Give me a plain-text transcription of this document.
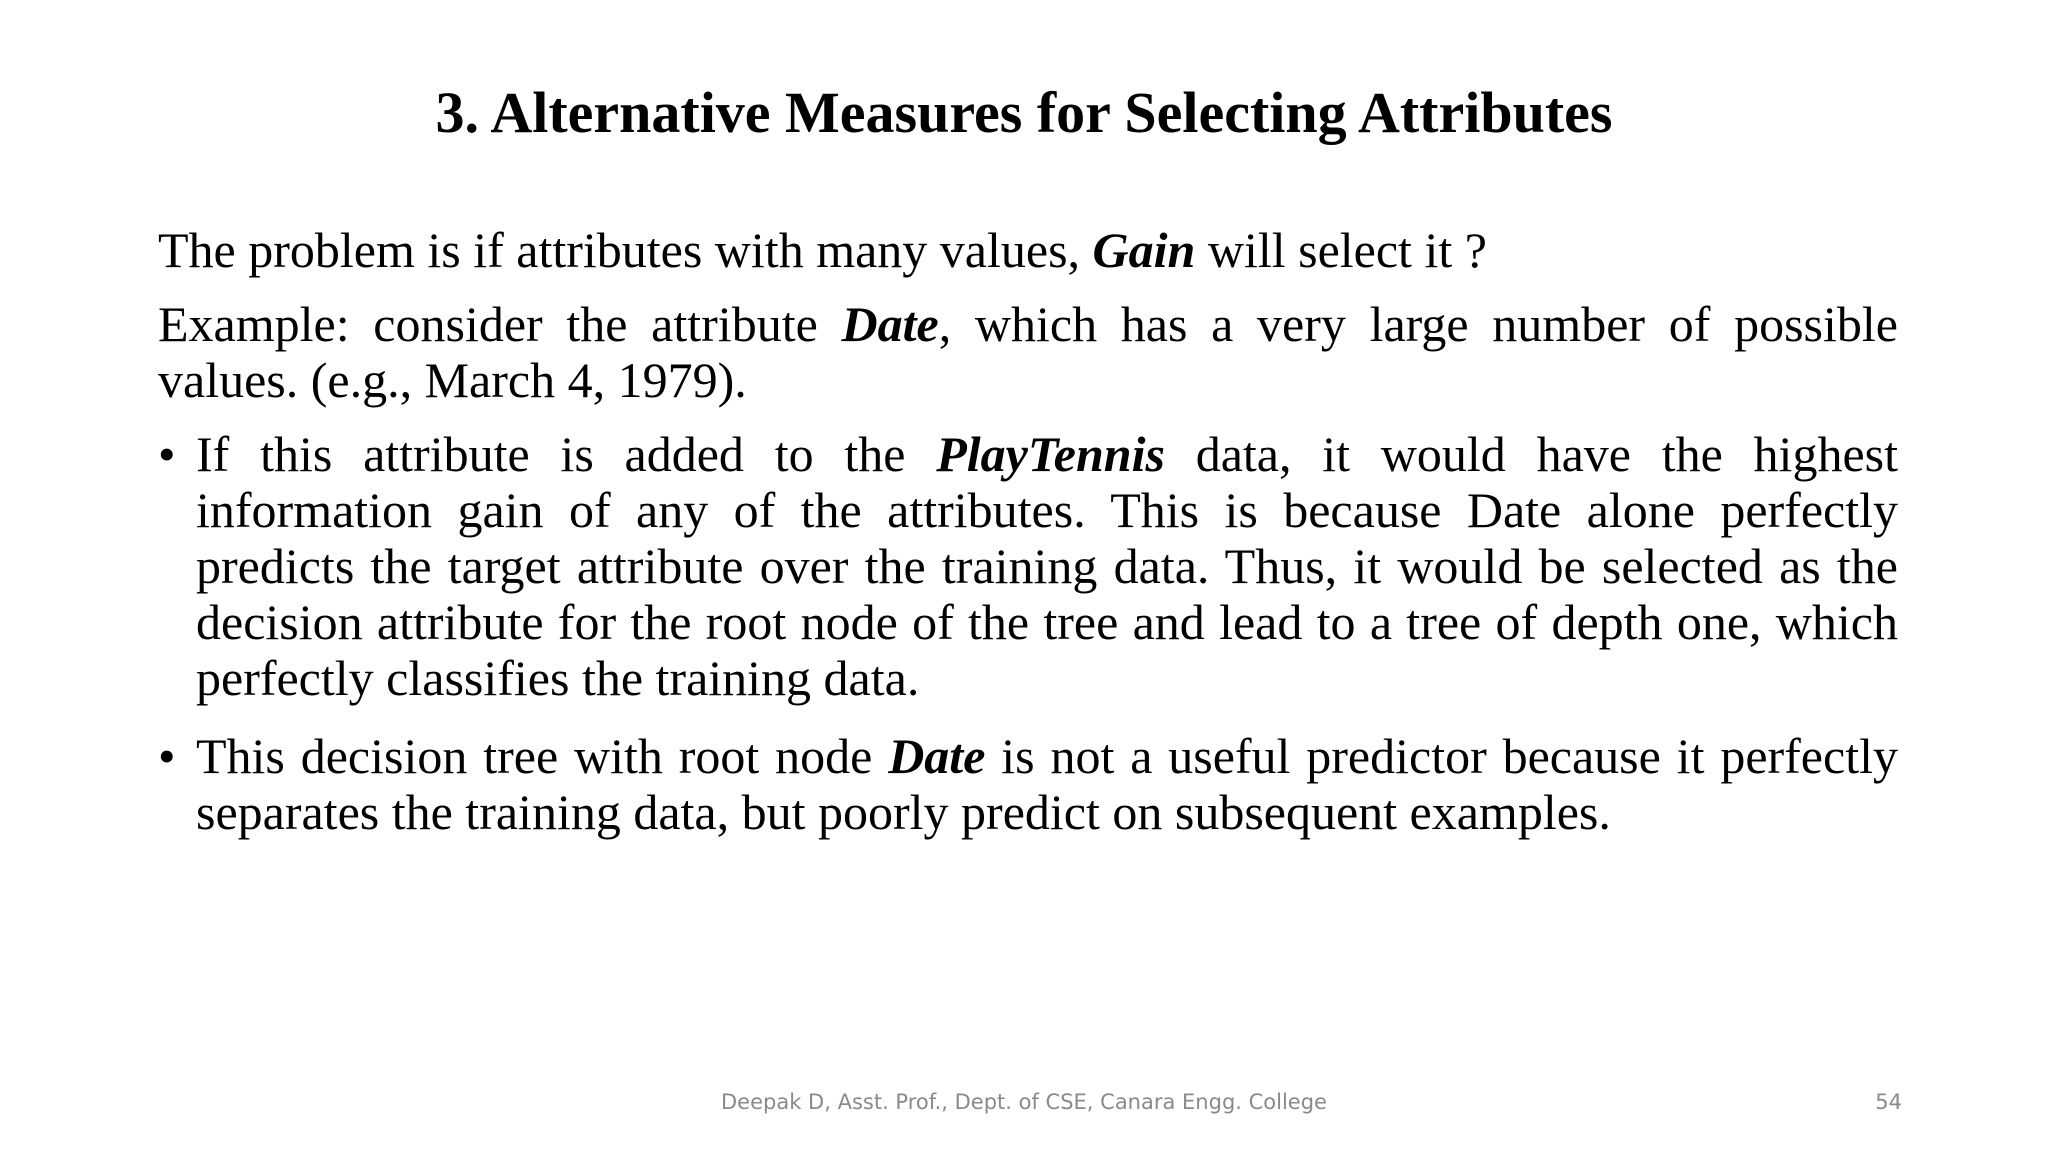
3. Alternative Measures for Selecting Attributes

The problem is if attributes with many values, Gain will select it ?

Example: consider the attribute Date, which has a very large number of possible values. (e.g., March 4, 1979).

• If this attribute is added to the PlayTennis data, it would have the highest information gain of any of the attributes. This is because Date alone perfectly predicts the target attribute over the training data. Thus, it would be selected as the decision attribute for the root node of the tree and lead to a tree of depth one, which perfectly classifies the training data.
• This decision tree with root node Date is not a useful predictor because it perfectly separates the training data, but poorly predict on subsequent examples.
Deepak D, Asst. Prof., Dept. of CSE, Canara Engg. College	54
